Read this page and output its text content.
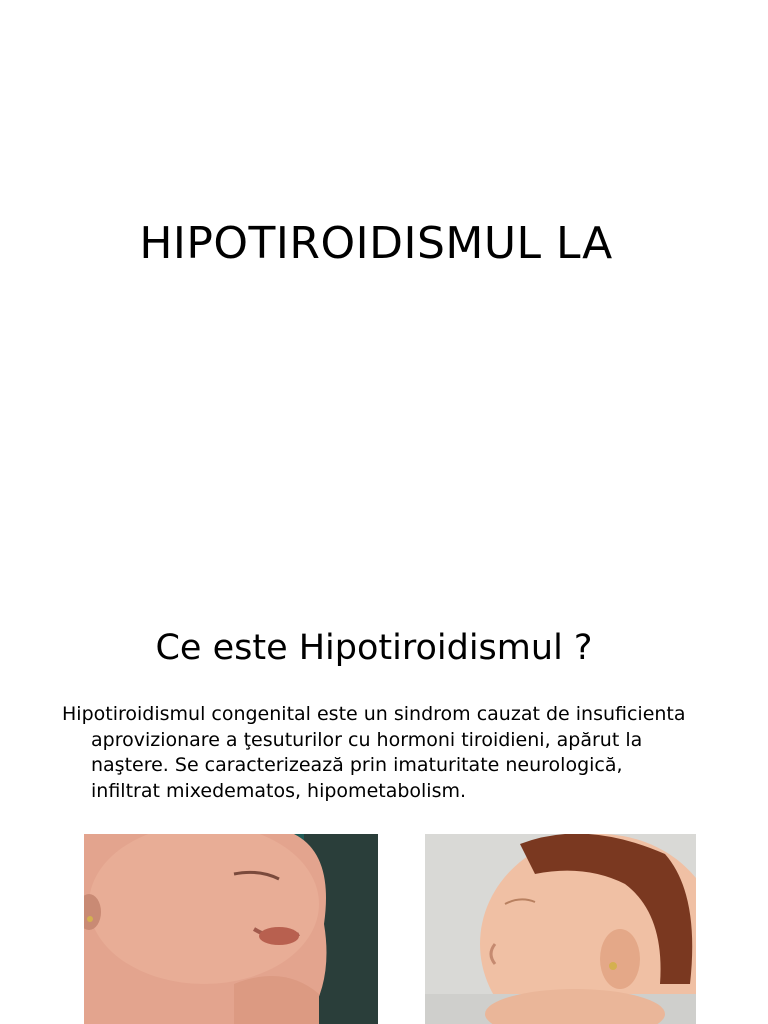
HIPOTIROIDISMUL LA
Ce este Hipotiroidismul ?
Hipotiroidismul congenital este un sindrom cauzat de insuficienta aprovizionare a ţesuturilor cu hormoni tiroidieni, apărut la naştere. Se caracterizează prin imaturitate neurologică, infiltrat mixedematos, hipometabolism.
